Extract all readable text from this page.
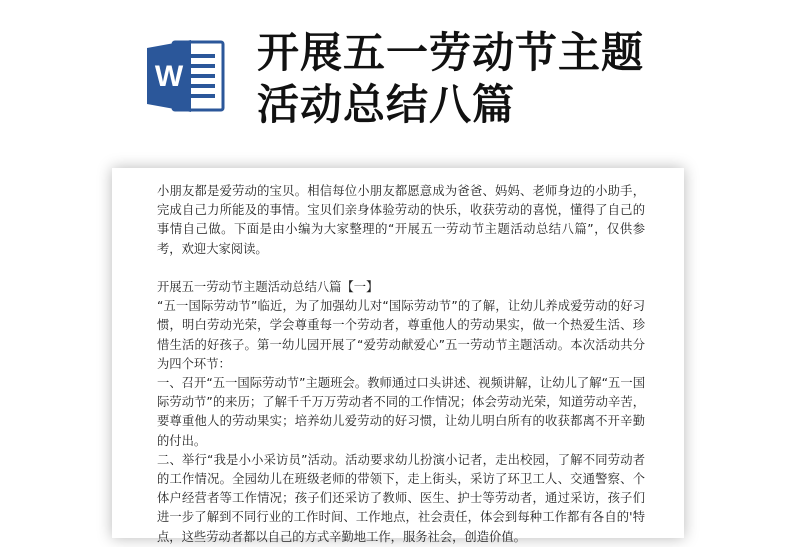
W 开展五一劳动节主题
活动总结八篇

小朋友都是爱劳动的宝贝。相信每位小朋友都愿意成为爸爸、妈妈、老师身边的小助手，完成自己力所能及的事情。宝贝们亲身体验劳动的快乐，收获劳动的喜悦，懂得了自己的事情自己做。下面是由小编为大家整理的“开展五一劳动节主题活动总结八篇”，仅供参考，欢迎大家阅读。

开展五一劳动节主题活动总结八篇【一】

“五一国际劳动节”临近，为了加强幼儿对“国际劳动节”的了解，让幼儿养成爱劳动的好习惯，明白劳动光荣，学会尊重每一个劳动者，尊重他人的劳动果实，做一个热爱生活、珍惜生活的好孩子。第一幼儿园开展了“爱劳动献爱心”五一劳动节主题活动。本次活动共分为四个环节：

一、召开“五一国际劳动节”主题班会。教师通过口头讲述、视频讲解，让幼儿了解“五一国际劳动节”的来历；了解千千万万劳动者不同的工作情况；体会劳动光荣，知道劳动辛苦，要尊重他人的劳动果实；培养幼儿爱劳动的好习惯，让幼儿明白所有的收获都离不开辛勤的付出。

二、举行“我是小小采访员”活动。活动要求幼儿扮演小记者，走出校园，了解不同劳动者的工作情况。全园幼儿在班级老师的带领下，走上街头，采访了环卫工人、交通警察、个体户经营者等工作情况；孩子们还采访了教师、医生、护士等劳动者，通过采访，孩子们进一步了解到不同行业的工作时间、工作地点，社会责任，体会到每种工作都有各自的'特点，这些劳动者都以自己的方式辛勤地工作，服务社会，创造价值。
